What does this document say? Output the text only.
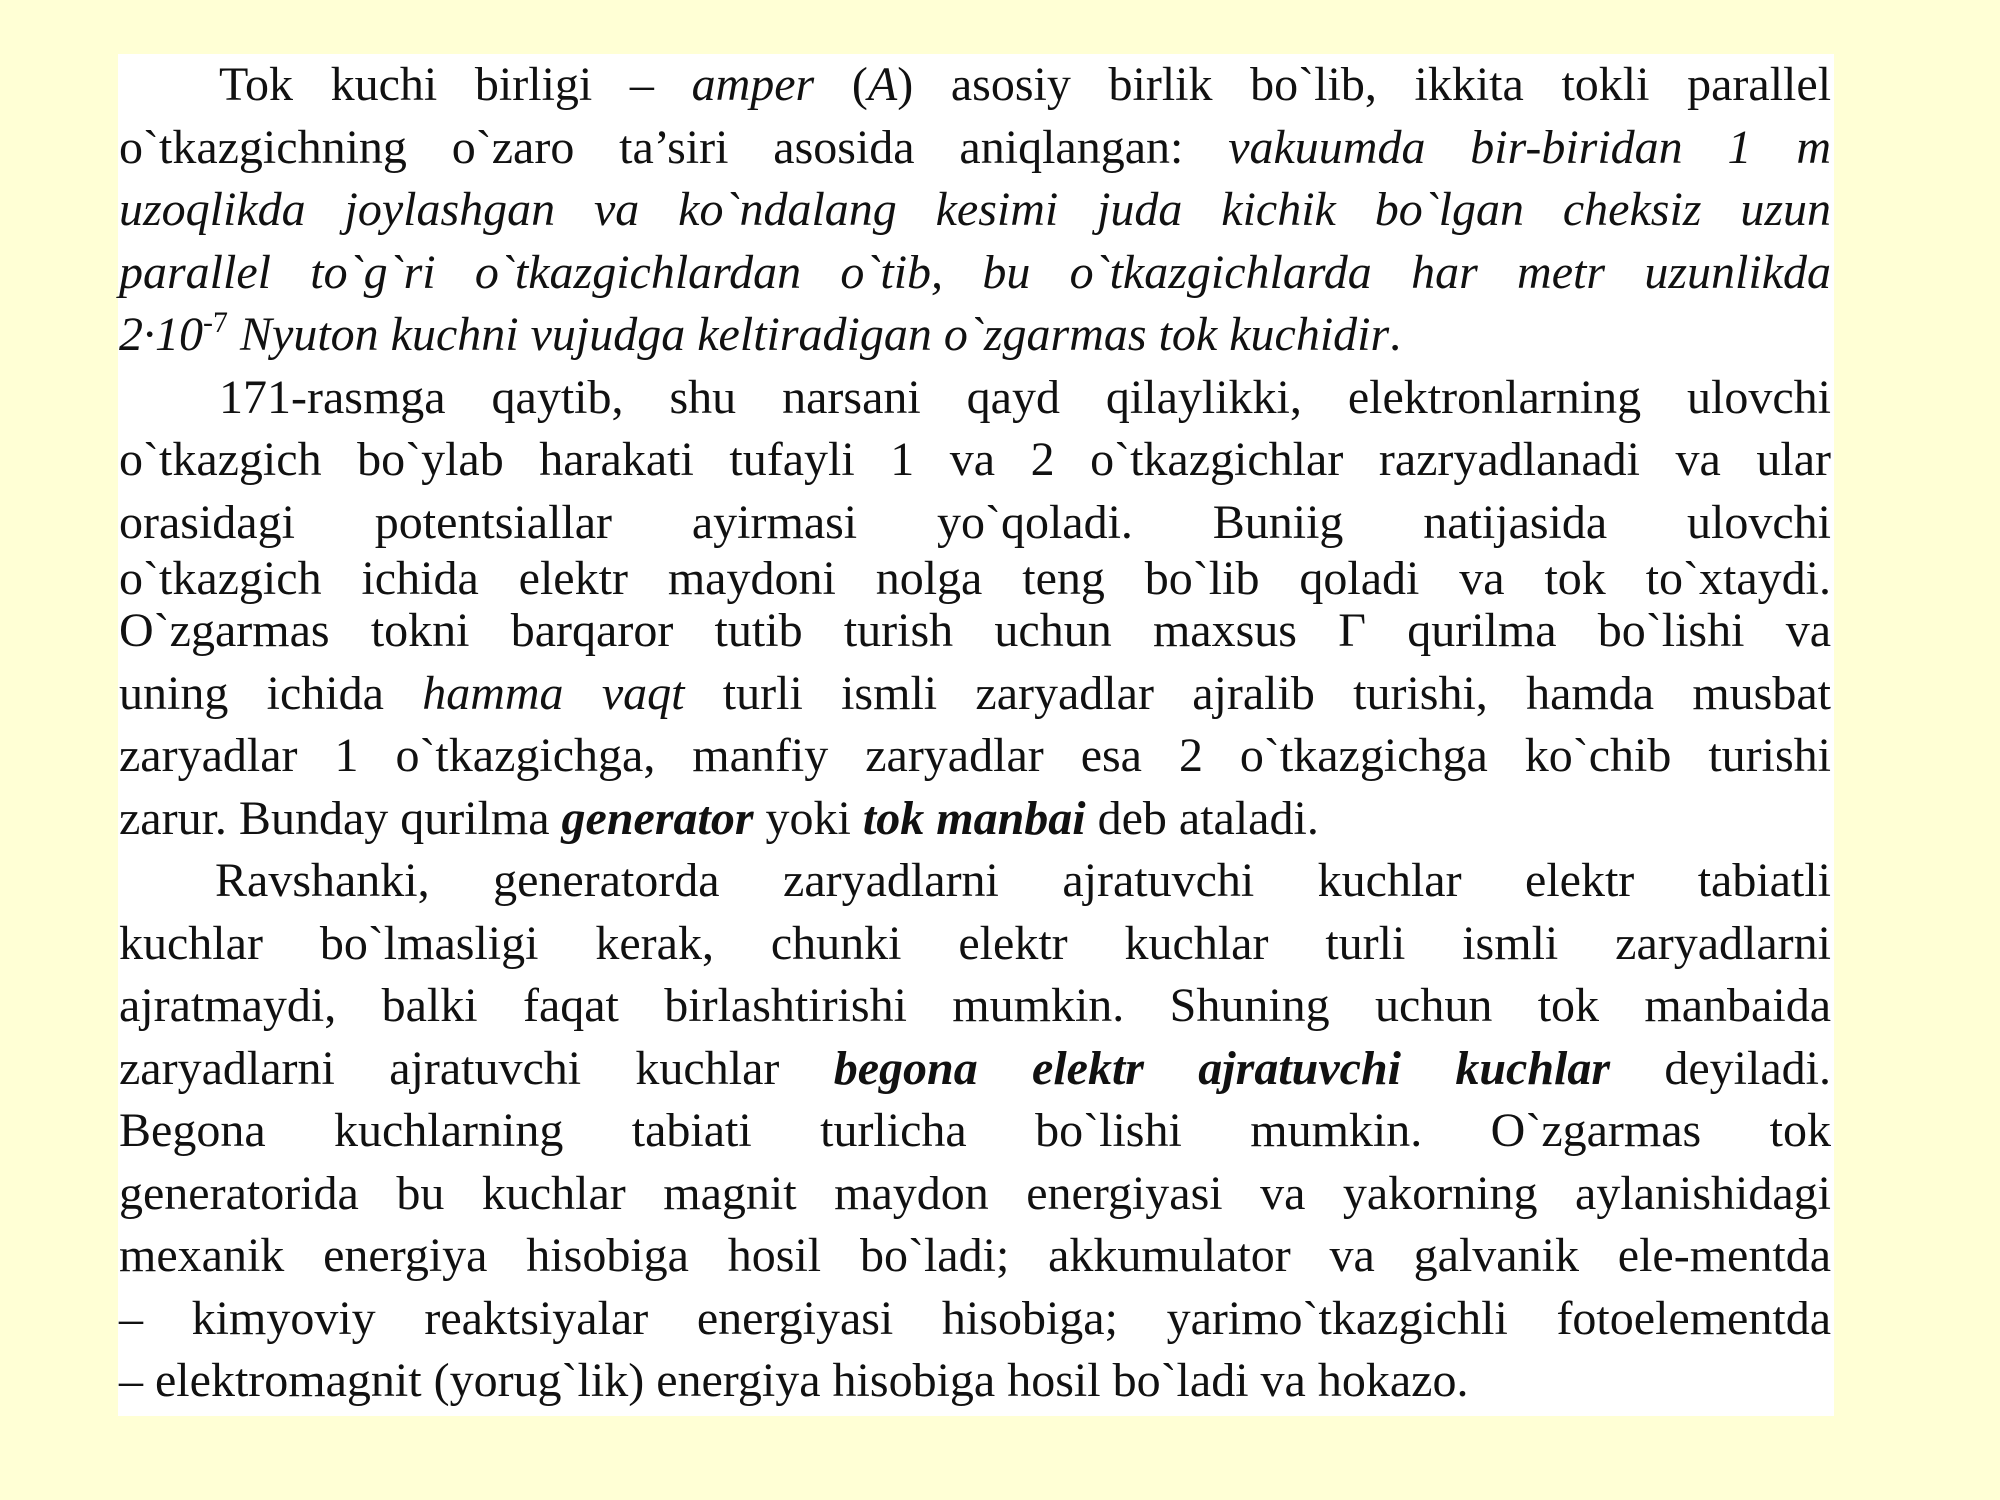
Tok kuchi birligi – amper (A) asosiy birlik bo`lib, ikkita tokli parallel
o`tkazgichning o`zaro ta’siri asosida aniqlangan: vakuumda bir-biridan 1 m
uzoqlikda joylashgan va ko`ndalang kesimi juda kichik bo`lgan cheksiz uzun
parallel to`g`ri o`tkazgichlardan o`tib, bu o`tkazgichlarda har metr uzunlikda
$2\cdot 10^{-7}$ Nyuton kuchni vujudga keltiradigan o`zgarmas tok kuchidir.
171-rasmga qaytib, shu narsani qayd qilaylikki, elektronlarning ulovchi
o`tkazgich bo`ylab harakati tufayli 1 va 2 o`tkazgichlar razryadlanadi va ular
orasidagi potentsiallar ayirmasi yo`qoladi. Buniig natijasida ulovchi
o`tkazgich ichida elektr maydoni nolga teng bo`lib qoladi va tok to`xtaydi.
O`zgarmas tokni barqaror tutib turish uchun maxsus Г qurilma bo`lishi va
uning ichida hamma vaqt turli ismli zaryadlar ajralib turishi, hamda musbat
zaryadlar 1 o`tkazgichga, manfiy zaryadlar esa 2 o`tkazgichga ko`chib turishi
zarur. Bunday qurilma generator yoki tok manbai deb ataladi.
Ravshanki, generatorda zaryadlarni ajratuvchi kuchlar elektr tabiatli
kuchlar bo`lmasligi kerak, chunki elektr kuchlar turli ismli zaryadlarni
ajratmaydi, balki faqat birlashtirishi mumkin. Shuning uchun tok manbaida
zaryadlarni ajratuvchi kuchlar begona elektr ajratuvchi kuchlar deyiladi.
Begona kuchlarning tabiati turlicha bo`lishi mumkin. O`zgarmas tok
generatorida bu kuchlar magnit maydon energiyasi va yakorning aylanishidagi
mexanik energiya hisobiga hosil bo`ladi; akkumulator va galvanik ele-mentda
– kimyoviy reaktsiyalar energiyasi hisobiga; yarimo`tkazgichli fotoelementda
– elektromagnit (yorug`lik) energiya hisobiga hosil bo`ladi va hokazo.
